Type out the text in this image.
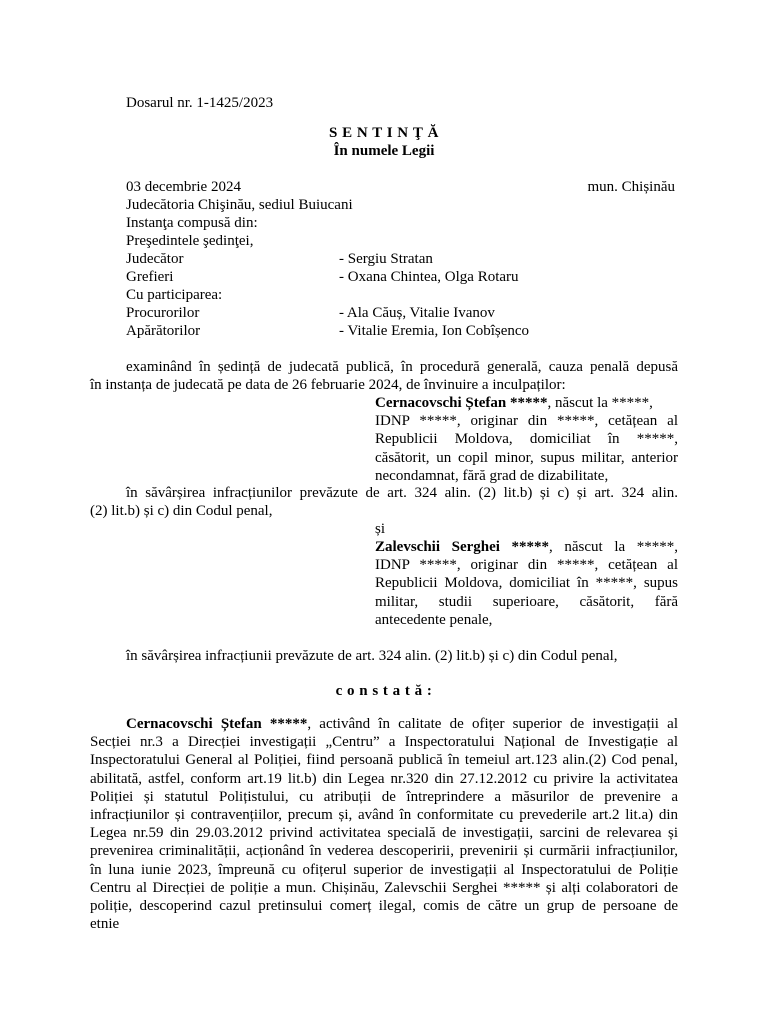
Dosarul nr. 1-1425/2023
S E N T I N Ţ Ă
În numele Legii
03 decembrie 2024	mun. Chișinău
Judecătoria Chişinău, sediul Buiucani
Instanţa compusă din:
Preşedintele şedinţei,
Judecător	- Sergiu Stratan
Grefieri	- Oxana Chintea, Olga Rotaru
Cu participarea:
Procurorilor	- Ala Căuș, Vitalie Ivanov
Apărătorilor	- Vitalie Eremia, Ion Cobîșenco
examinând în ședință de judecată publică, în procedură generală, cauza penală depusă
în instanța de judecată pe data de 26 februarie 2024, de învinuire a inculpaților:
Cernacovschi Ștefan *****, născut la *****,
IDNP *****, originar din *****, cetățean al
Republicii Moldova, domiciliat în *****,
căsătorit, un copil minor, supus militar, anterior
necondamnat, fără grad de dizabilitate,
în săvârșirea infracțiunilor prevăzute de art. 324 alin. (2) lit.b) și c) și art. 324 alin.
(2) lit.b) și c) din Codul penal,
și
Zalevschii Serghei *****, născut la *****,
IDNP *****, originar din *****, cetățean al
Republicii Moldova, domiciliat în *****, supus
militar, studii superioare, căsătorit, fără
antecedente penale,
în săvârșirea infracțiunii prevăzute de art. 324 alin. (2) lit.b) și c) din Codul penal,
c o n s t a t ă :
Cernacovschi Ștefan *****, activând în calitate de ofițer superior de investigații al
Secției nr.3 a Direcției investigații „Centru” a Inspectoratului Național de Investigație al
Inspectoratului General al Poliției, fiind persoană publică în temeiul art.123 alin.(2) Cod penal,
abilitată, astfel, conform art.19 lit.b) din Legea nr.320 din 27.12.2012 cu privire la activitatea
Poliției și statutul Polițistului, cu atribuții de întreprindere a măsurilor de prevenire a
infracțiunilor și contravențiilor, precum și, având în conformitate cu prevederile art.2 lit.a) din
Legea nr.59 din 29.03.2012 privind activitatea specială de investigații, sarcini de relevarea și
prevenirea criminalității, acționând în vederea descoperirii, prevenirii și curmării infracțiunilor,
în luna iunie 2023, împreună cu ofițerul superior de investigații al Inspectoratului de Poliție
Centru al Direcției de poliție a mun. Chișinău, Zalevschii Serghei ***** și alți colaboratori de
poliție, descoperind cazul pretinsului comerț ilegal, comis de către un grup de persoane de
etnie
